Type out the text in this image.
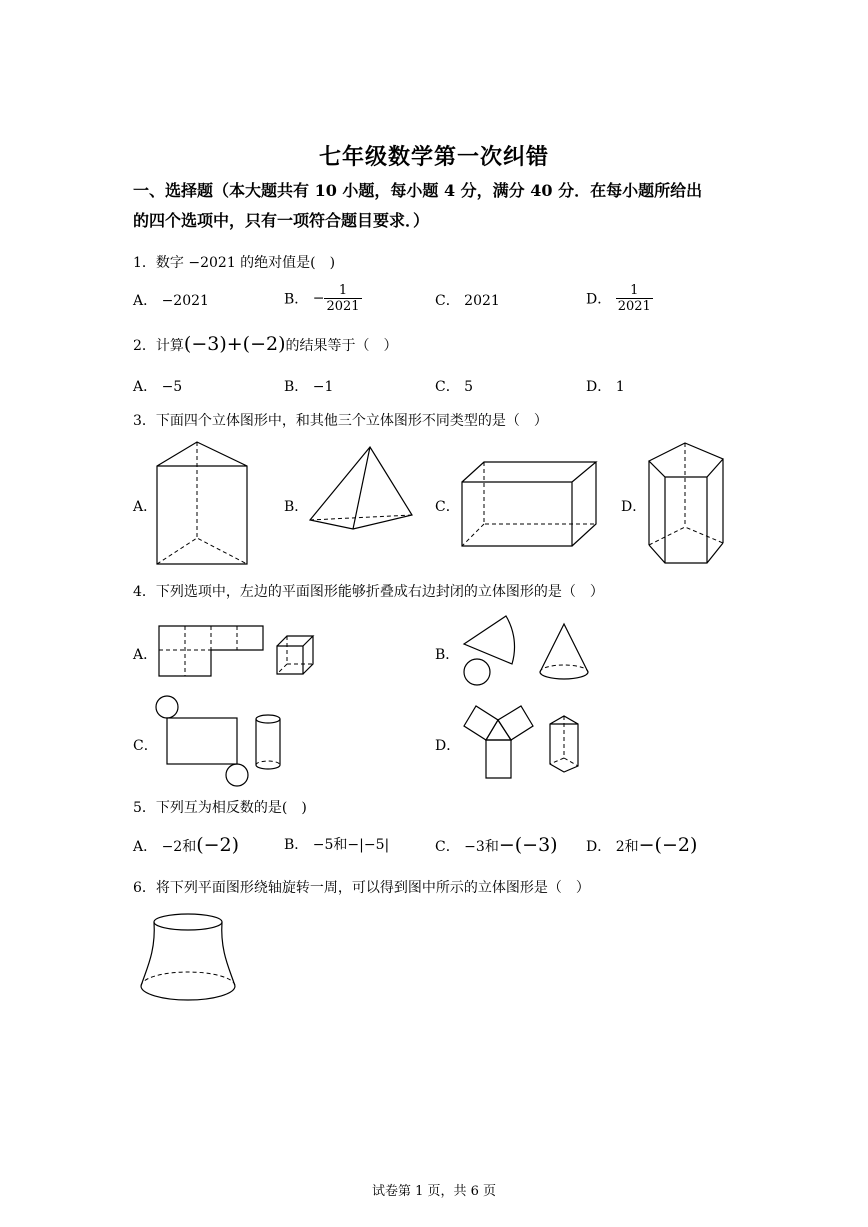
七年级数学第一次纠错
一、选择题（本大题共有 10 小题，每小题 4 分，满分 40 分．在每小题所给出
的四个选项中，只有一项符合题目要求．）
1．数字 −2021 的绝对值是(　)
A． −2021	B． − $\frac{1}{2021}$	C． 2021	D． $\frac{1}{2021}$
2．计算(−3)+(−2)的结果等于（　）
A． −5	B． −1	C． 5	D． 1
3．下面四个立体图形中，和其他三个立体图形不同类型的是（　）
A．	B．	C．	D．
4．下列选项中，左边的平面图形能够折叠成右边封闭的立体图形的是（　）
A．	B．
C．	D．
5．下列互为相反数的是(　)
A． −2和(−2)	B． −5和−|−5|	C． −3和−(−3) D． 2和−(−2)
6．将下列平面图形绕轴旋转一周，可以得到图中所示的立体图形是（　）
试卷第 1 页，共 6 页
